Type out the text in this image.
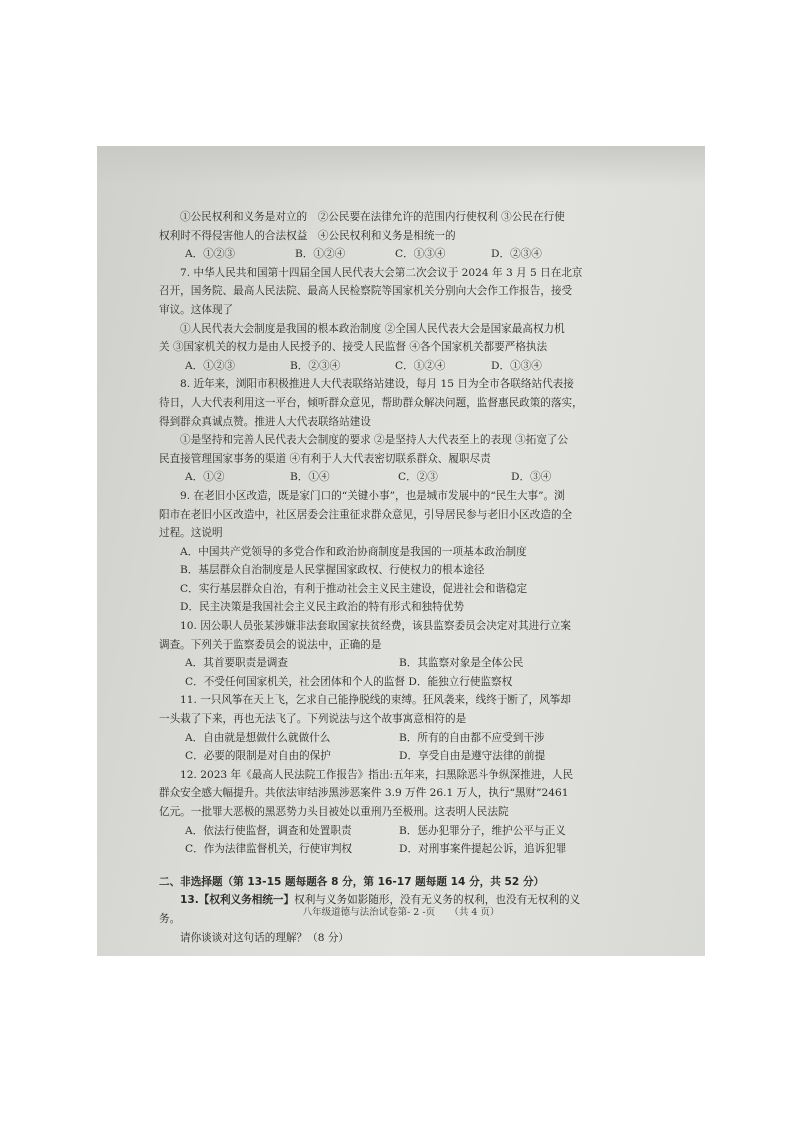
①公民权利和义务是对立的　②公民要在法律允许的范围内行使权利 ③公民在行使
权利时不得侵害他人的合法权益　④公民权利和义务是相统一的
A．①②③	B．①②④	C．①③④	D．②③④
7. 中华人民共和国第十四届全国人民代表大会第二次会议于 2024 年 3 月 5 日在北京
召开，国务院、最高人民法院、最高人民检察院等国家机关分别向大会作工作报告，接受
审议。这体现了
①人民代表大会制度是我国的根本政治制度 ②全国人民代表大会是国家最高权力机
关 ③国家机关的权力是由人民授予的、接受人民监督 ④各个国家机关都要严格执法
A．①②③	B．②③④	C．①②④	D．①③④
8. 近年来，浏阳市积极推进人大代表联络站建设，每月 15 日为全市各联络站代表接
待日，人大代表利用这一平台，倾听群众意见，帮助群众解决问题，监督惠民政策的落实，
得到群众真诚点赞。推进人大代表联络站建设
①是坚持和完善人民代表大会制度的要求 ②是坚持人大代表至上的表现 ③拓宽了公
民直接管理国家事务的渠道 ④有利于人大代表密切联系群众、履职尽责
A．①②	B．①④	C．②③	D．③④
9. 在老旧小区改造，既是家门口的“关键小事”，也是城市发展中的“民生大事”。浏
阳市在老旧小区改造中，社区居委会注重征求群众意见，引导居民参与老旧小区改造的全
过程。这说明
A．中国共产党领导的多党合作和政治协商制度是我国的一项基本政治制度
B．基层群众自治制度是人民掌握国家政权、行使权力的根本途径
C．实行基层群众自治，有利于推动社会主义民主建设，促进社会和谐稳定
D．民主决策是我国社会主义民主政治的特有形式和独特优势
10. 因公职人员张某涉嫌非法套取国家扶贫经费，该县监察委员会决定对其进行立案
调查。下列关于监察委员会的说法中，正确的是
A．其首要职责是调查	B．其监察对象是全体公民
C．不受任何国家机关，社会团体和个人的监督 D．能独立行使监察权
11. 一只风筝在天上飞，乞求自己能挣脱线的束缚。狂风袭来，线终于断了，风筝却
一头栽了下来，再也无法飞了。下列说法与这个故事寓意相符的是
A．自由就是想做什么就做什么	B．所有的自由都不应受到干涉
C．必要的限制是对自由的保护	D．享受自由是遵守法律的前提
12. 2023 年《最高人民法院工作报告》指出:五年来，扫黑除恶斗争纵深推进，人民
群众安全感大幅提升。共依法审结涉黑涉恶案件 3.9 万件 26.1 万人，执行“黑财”2461
亿元。一批罪大恶极的黑恶势力头目被处以重刑乃至极刑。这表明人民法院
A．依法行使监督，调查和处置职责	B．惩办犯罪分子，维护公平与正义
C．作为法律监督机关，行使审判权	D．对刑事案件提起公诉，追诉犯罪
二、非选择题（第 13-15 题每题各 8 分，第 16-17 题每题 14 分，共 52 分）
13.【权利义务相统一】权利与义务如影随形，没有无义务的权利，也没有无权利的义
务。
请你谈谈对这句话的理解？（8 分）
八年级道德与法治试卷第- 2 -页　　（共 4 页）
